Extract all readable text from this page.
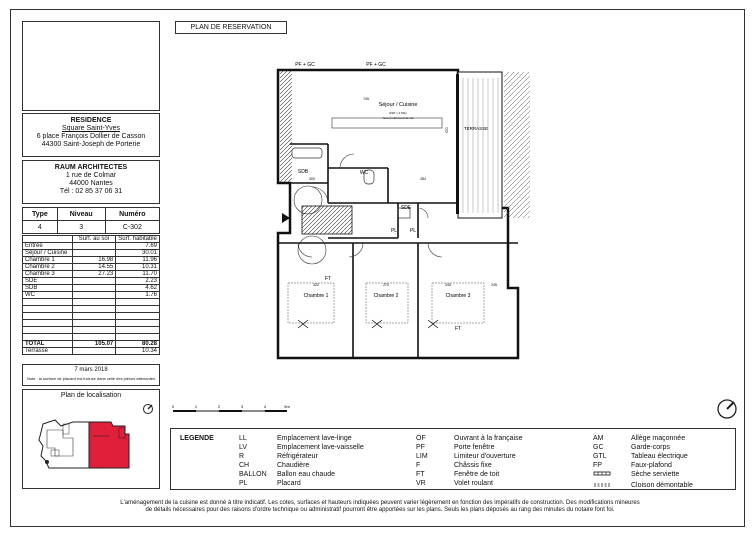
RESIDENCE
Square Saint-Yves
6 place François Dollier de Casson
44300 Saint-Joseph de Porterie
RAUM ARCHITECTES
1 rue de Colmar
44000 Nantes
Tél : 02 85 37 06 31
Type	Niveau	Numéro
4	3	C-302
	Surf. au sol	Surf. habitable
Entrée		7.69
Séjour / Cuisine		30.01
Chambre 1	16.98	11.96
Chambre 2	14.55	10.31
Chambre 3	27.23	11.70
SDE		2.23
SDB		4.62
WC		1.76

TOTAL	105.07	80.28
Terrasse		10.34
7 mars 2018
Note : la surface de placard est incluse dans celle des pièces attenantes
Plan de localisation
PLAN DE RESERVATION
PF + GC	PF + GC
Séjour / Cuisine
HSP = 2.50m
hors revêtement de sol
TERRASSE
GC
SDB	WC
SDE
PL	PL
Chambre 1	Chambre 2	Chambre 3
FT
FT
745
300	284
320	270	245	245
0	1	2	3	4	5m
LEGENDE	LL	Emplacement lave-linge
LV	Emplacement lave-vaisselle
R	Réfrigérateur
CH	Chaudière
BALLON	Ballon eau chaude
PL	Placard
OF	Ouvrant à la française
PF	Porte fenêtre
LIM	Limiteur d'ouverture
F	Châssis fixe
FT	Fenêtre de toit
VR	Volet roulant
AM	Allège maçonnée
GC	Garde-corps
GTL	Tableau électrique
FP	Faux-plafond
	Sèche serviette
	Cloison démontable
L'aménagement de la cuisine est donné à titre indicatif. Les cotes, surfaces et hauteurs indiquées peuvent varier légèrement en fonction des impératifs de construction. Des modifications mineures
de détails nécessaires pour des raisons d'ordre technique ou administratif pourront être apportées sur les plans. Seuls les plans déposés au rang des minutes du notaire font foi.
